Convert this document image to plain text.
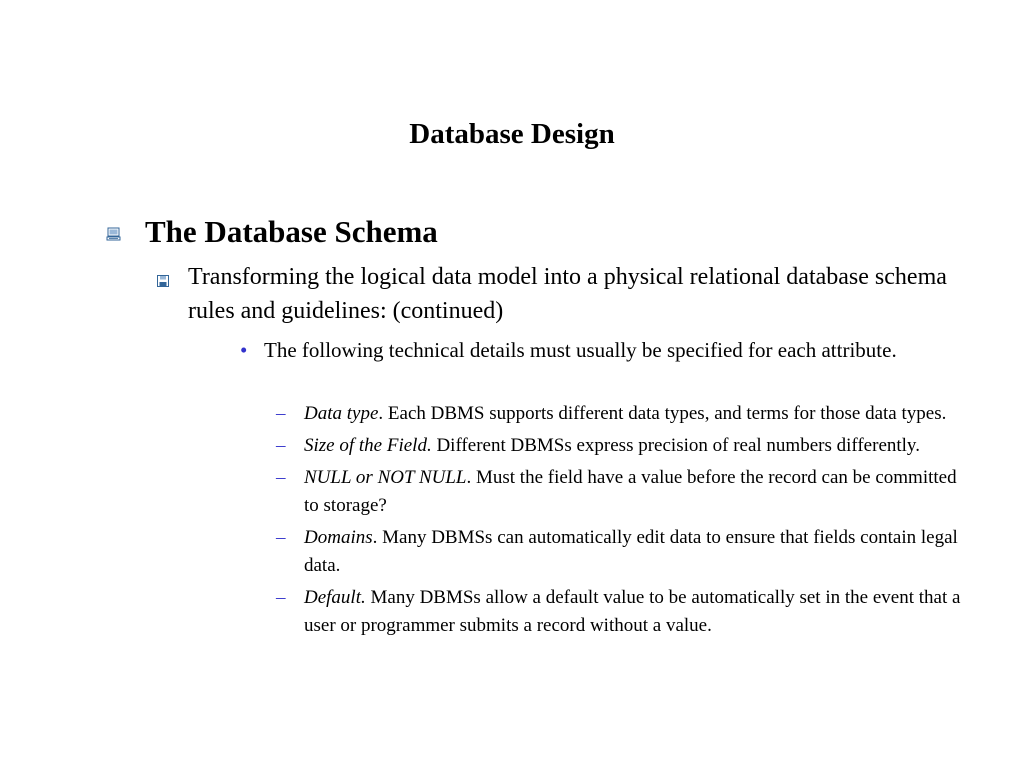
Database Design
The Database Schema
Transforming the logical data model into a physical relational database schema rules and guidelines: (continued)
• The following technical details must usually be specified for each attribute.
– Data type. Each DBMS supports different data types, and terms for those data types.
– Size of the Field. Different DBMSs express precision of real numbers differently.
– NULL or NOT NULL. Must the field have a value before the record can be committed to storage?
– Domains. Many DBMSs can automatically edit data to ensure that fields contain legal data.
– Default. Many DBMSs allow a default value to be automatically set in the event that a user or programmer submits a record without a value.
